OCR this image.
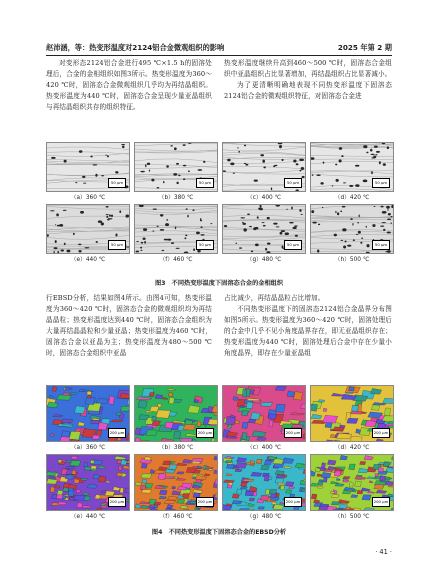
赵沛涵，等：热变形温度对2124铝合金微观组织的影响	2025 年第 2 期

对变形态2124铝合金进行495 ℃×1.5 h的固溶处理后，合金的金相组织如图3所示。热变形温度为360～420 ℃时，固溶态合金微观组织几乎均为再结晶组织。热变形温度为440 ℃时，固溶态合金呈现少量亚晶组织与再结晶组织共存的组织特征。

热变形温度继续升高到460～500 ℃时，固溶态合金组织中亚晶组织占比显著增加，再结晶组织占比显著减小。

为了更清晰明确地表现不同热变形温度下固溶态2124铝合金的微观组织特征，对固溶态合金进

50 μm
（a）360 ℃
50 μm
（b）380 ℃
50 μm
（c）400 ℃
50 μm
（d）420 ℃
50 μm
（e）440 ℃
50 μm
（f）460 ℃
50 μm
（g）480 ℃
50 μm
（h）500 ℃
图3　不同热变形温度下固溶态合金的金相组织

行EBSD分析，结果如图4所示。由图4可知，热变形温度为360～420 ℃时，固溶态合金的微观组织均为再结晶晶粒；热变形温度达到440 ℃时，固溶态合金组织为大量再结晶晶粒和少量亚晶；热变形温度为460 ℃时，固溶态合金以亚晶为主；热变形温度为480～500 ℃时，固溶态合金组织中亚晶

占比减少，再结晶晶粒占比增加。

不同热变形温度下的固溶态2124铝合金晶界分布图如图5所示。热变形温度为360～420 ℃时，固溶处理后的合金中几乎不见小角度晶界存在，即无亚晶组织存在；热变形温度为440 ℃时，固溶处理后合金中存在少量小角度晶界，即存在少量亚晶组

200 μm
（a）360 ℃
200 μm
（b）380 ℃
200 μm
（c）400 ℃
200 μm
（d）420 ℃
200 μm
（e）440 ℃
200 μm
（f）460 ℃
200 μm
（g）480 ℃
200 μm
（h）500 ℃
图4　不同热变形温度下固溶态合金的EBSD分析
· 41 ·
